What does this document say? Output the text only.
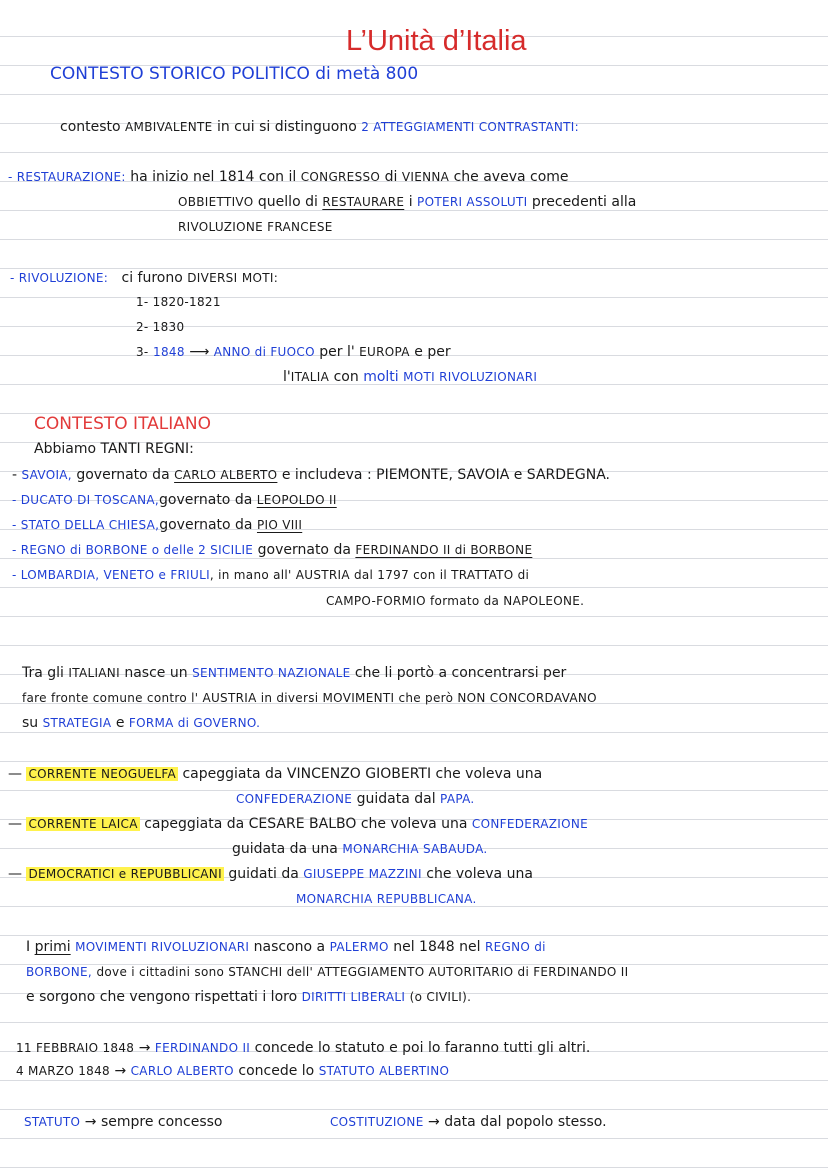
L’Unità d’Italia
CONTESTO STORICO POLITICO di metà 800
contesto AMBIVALENTE in cui si distinguono 2 ATTEGGIAMENTI CONTRASTANTI:
- RESTAURAZIONE: ha inizio nel 1814 con il CONGRESSO di VIENNA che aveva come
OBBIETTIVO quello di RESTAURARE i POTERI ASSOLUTI precedenti alla
RIVOLUZIONE FRANCESE
- RIVOLUZIONE: ci furono DIVERSI MOTI:
1- 1820-1821
2- 1830
3- 1848 ⟶ ANNO di FUOCO per l' EUROPA e per
l'ITALIA con molti MOTI RIVOLUZIONARI
CONTESTO ITALIANO
Abbiamo TANTI REGNI:
- SAVOIA, governato da CARLO ALBERTO e includeva : PIEMONTE, SAVOIA e SARDEGNA.
- DUCATO DI TOSCANA,governato da LEOPOLDO II
- STATO DELLA CHIESA,governato da PIO VIII
- REGNO di BORBONE o delle 2 SICILIE governato da FERDINANDO II di BORBONE
- LOMBARDIA, VENETO e FRIULI, in mano all' AUSTRIA dal 1797 con il TRATTATO di
CAMPO-FORMIO formato da NAPOLEONE.
Tra gli ITALIANI nasce un SENTIMENTO NAZIONALE che li portò a concentrarsi per
fare fronte comune contro l' AUSTRIA in diversi MOVIMENTI che però NON CONCORDAVANO
su STRATEGIA e FORMA di GOVERNO.
— CORRENTE NEOGUELFA capeggiata da VINCENZO GIOBERTI che voleva una
CONFEDERAZIONE guidata dal PAPA.
— CORRENTE LAICA capeggiata da CESARE BALBO che voleva una CONFEDERAZIONE
guidata da una MONARCHIA SABAUDA.
— DEMOCRATICI e REPUBBLICANI guidati da GIUSEPPE MAZZINI che voleva una
MONARCHIA REPUBBLICANA.
I primi MOVIMENTI RIVOLUZIONARI nascono a PALERMO nel 1848 nel REGNO di
BORBONE, dove i cittadini sono STANCHI dell' ATTEGGIAMENTO AUTORITARIO di FERDINANDO II
e sorgono che vengono rispettati i loro DIRITTI LIBERALI (o CIVILI).
11 FEBBRAIO 1848 → FERDINANDO II concede lo statuto e poi lo faranno tutti gli altri.
4 MARZO 1848 → CARLO ALBERTO concede lo STATUTO ALBERTINO
STATUTO → sempre concesso	COSTITUZIONE → data dal popolo stesso.
